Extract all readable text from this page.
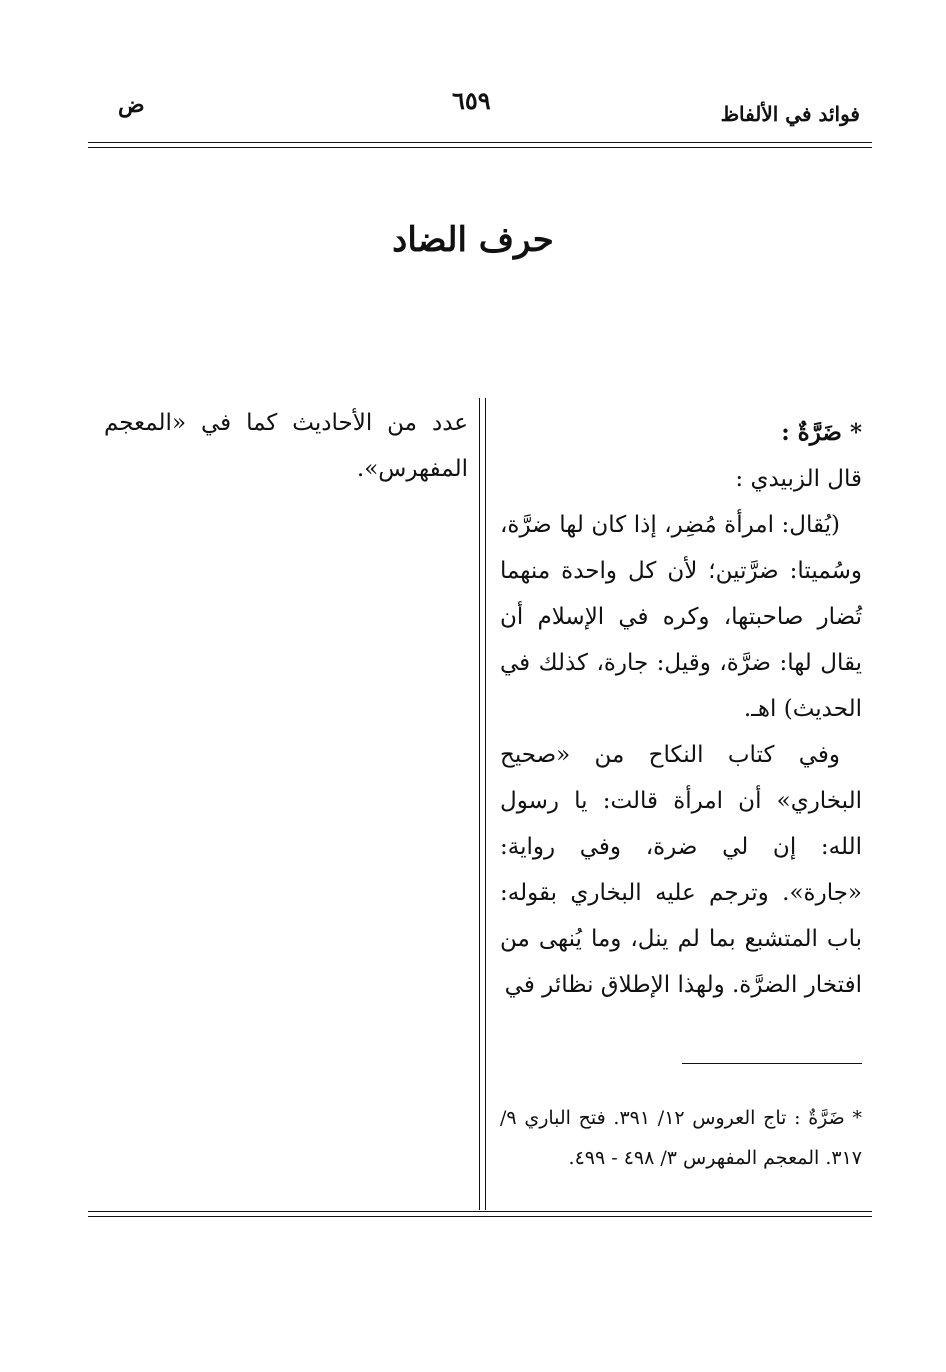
ض	٦٥٩	فوائد في الألفاظ
حرف الضاد

* ضَرَّةٌ :

قال الزبيدي :

(يُقال: امرأة مُضِر، إذا كان لها ضرَّة، وسُميتا: ضرَّتين؛ لأن كل واحدة منهما تُضار صاحبتها، وكره في الإسلام أن يقال لها: ضرَّة، وقيل: جارة، كذلك في الحديث) اهـ.

وفي كتاب النكاح من «صحيح البخاري» أن امرأة قالت: يا رسول الله: إن لي ضرة، وفي رواية: «جارة». وترجم عليه البخاري بقوله: باب المتشبع بما لم ينل، وما يُنهى من افتخار الضرَّة. ولهذا الإطلاق نظائر في

عدد من الأحاديث كما في «المعجم المفهرس».

* ضَرَّةٌ : تاج العروس ١٢/ ٣٩١. فتح الباري ٩/ ٣١٧. المعجم المفهرس ٣/ ٤٩٨ - ٤٩٩.
